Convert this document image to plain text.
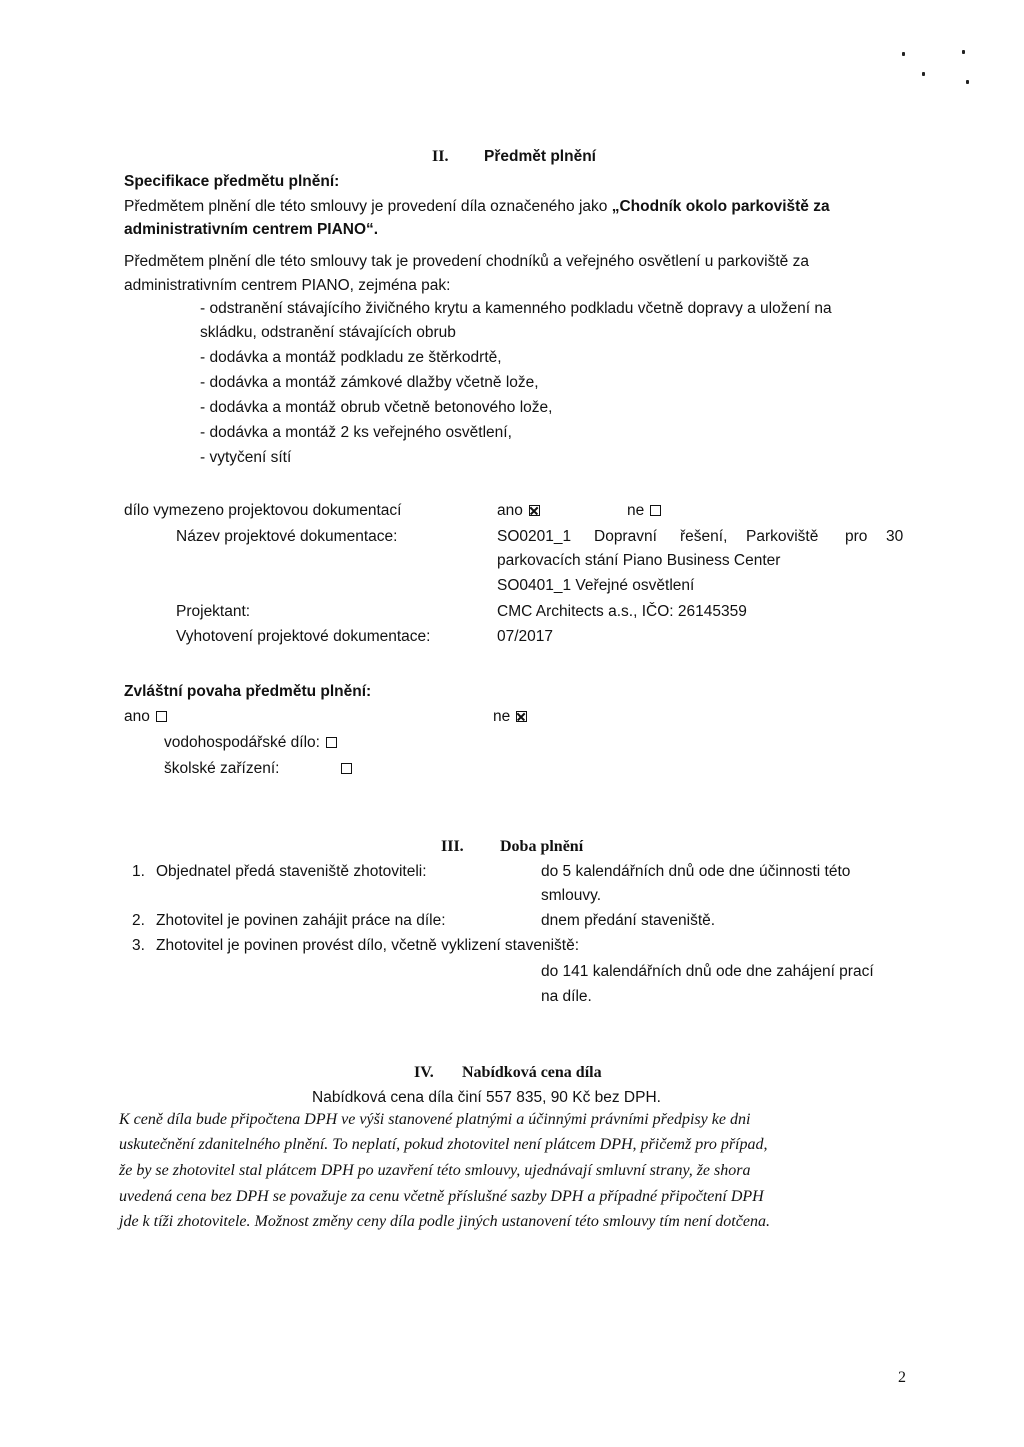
II. Předmět plnění
Specifikace předmětu plnění:
Předmětem plnění dle této smlouvy je provedení díla označeného jako „Chodník okolo parkoviště za
administrativním centrem PIANO“.
Předmětem plnění dle této smlouvy tak je provedení chodníků a veřejného osvětlení u parkoviště za
administrativním centrem PIANO, zejména pak:
- odstranění stávajícího živičného krytu a kamenného podkladu včetně dopravy a uložení na
skládku, odstranění stávajících obrub
- dodávka a montáž podkladu ze štěrkodrtě,
- dodávka a montáž zámkové dlažby včetně lože,
- dodávka a montáž obrub včetně betonového lože,
- dodávka a montáž 2 ks veřejného osvětlení,
- vytyčení sítí
dílo vymezeno projektovou dokumentací	ano	ne
Název projektové dokumentace:	SO0201_1 Dopravní řešení, Parkoviště pro 30
parkovacích stání Piano Business Center
SO0401_1 Veřejné osvětlení
Projektant:	CMC Architects a.s., IČO: 26145359
Vyhotovení projektové dokumentace:	07/2017
Zvláštní povaha předmětu plnění:
ano	ne
vodohospodářské dílo:
školské zařízení:
III. Doba plnění
1. Objednatel předá staveniště zhotoviteli:	do 5 kalendářních dnů ode dne účinnosti této
smlouvy.
2. Zhotovitel je povinen zahájit práce na díle:	dnem předání staveniště.
3. Zhotovitel je povinen provést dílo, včetně vyklizení staveniště:
do 141 kalendářních dnů ode dne zahájení prací
na díle.
IV. Nabídková cena díla
Nabídková cena díla činí 557 835, 90 Kč bez DPH.
K ceně díla bude připočtena DPH ve výši stanovené platnými a účinnými právními předpisy ke dni
uskutečnění zdanitelného plnění. To neplatí, pokud zhotovitel není plátcem DPH, přičemž pro případ,
že by se zhotovitel stal plátcem DPH po uzavření této smlouvy, ujednávají smluvní strany, že shora
uvedená cena bez DPH se považuje za cenu včetně příslušné sazby DPH a případné připočtení DPH
jde k tíži zhotovitele. Možnost změny ceny díla podle jiných ustanovení této smlouvy tím není dotčena.
2
